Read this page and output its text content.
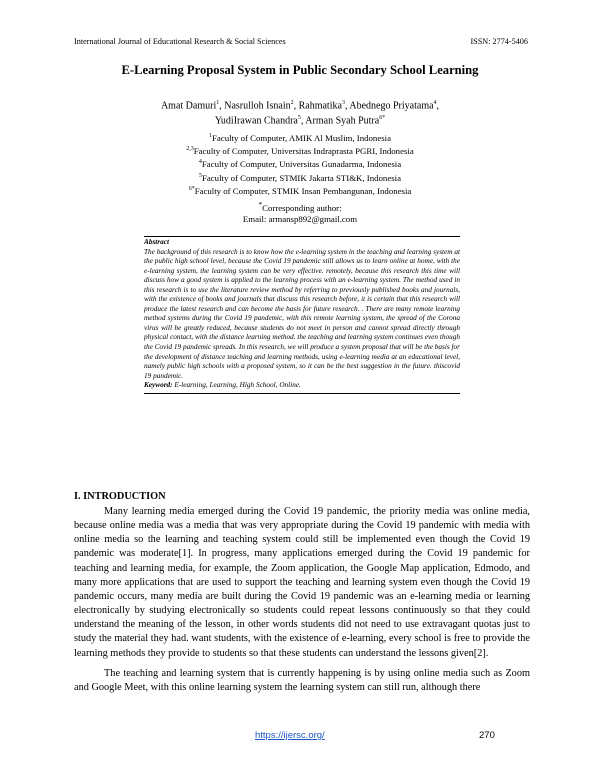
International Journal of Educational Research & Social Sciences	ISSN: 2774-5406
E-Learning Proposal System in Public Secondary School Learning
Amat Damuri$^1$, Nasrulloh Isnain$^2$, Rahmatika$^3$, Abednego Priyatama$^4$,
YudiIrawan Chandra$^5$, Arman Syah Putra$^{6*}$
$^1$Faculty of Computer, AMIK Al Muslim, Indonesia
$^{2,3}$Faculty of Computer, Universitas Indraprasta PGRI, Indonesia
$^4$Faculty of Computer, Universitas Gunadarma, Indonesia
$^5$Faculty of Computer, STMIK Jakarta STI&K, Indonesia
$^{6*}$Faculty of Computer, STMIK Insan Pembangunan, Indonesia
*Corresponding author:
Email: armansp892@gmail.com
Abstract
The background of this research is to know how the e-learning system in the teaching and learning system at the public high school level, because the Covid 19 pandemic still allows us to learn online at home, with the e-learning system, the learning system can be very effective. remotely, because this research this time will discuss how a good system is applied to the learning process with an e-learning system. The method used in this research is to use the literature review method by referring to previously published books and journals, with the existence of books and journals that discuss this research before, it is certain that this research will produce the latest research and can become the basis for future research. . There are many remote learning method systems during the Covid 19 pandemic, with this remote learning system, the spread of the Corona virus will be greatly reduced, because students do not meet in person and cannot spread directly through physical contact, with the distance learning method. the teaching and learning system continues even though the Covid 19 pandemic spreads. In this research, we will produce a system proposal that will be the basis for the development of distance teaching and learning methods, using e-learning media at an educational level, namely public high schools with a proposed system, so it can be the best suggestion in the future. thiscovid 19 pandemic.
Keyword: E-learning, Learning, High School, Online.
I. INTRODUCTION

Many learning media emerged during the Covid 19 pandemic, the priority media was online media, because online media was a media that was very appropriate during the Covid 19 pandemic with media with online media so the learning and teaching system could still be implemented even though the Covid 19 pandemic was moderate[1]. In progress, many applications emerged during the Covid 19 pandemic for teaching and learning media, for example, the Zoom application, the Google Map application, Edmodo, and many more applications that are used to support the teaching and learning system even though the Covid 19 pandemic occurs, many media are built during the Covid 19 pandemic was an e-learning media or learning electronically by studying electronically so students could repeat lessons continuously so that they could understand the meaning of the lesson, in other words students did not need to use extravagant quotas just to study the material they had. want students, with the existence of e-learning, every school is free to provide the learning methods they provide to students so that these students can understand the lessons given[2].

The teaching and learning system that is currently happening is by using online media such as Zoom and Google Meet, with this online learning system the learning system can still run, although there

https://ijersc.org/	270
